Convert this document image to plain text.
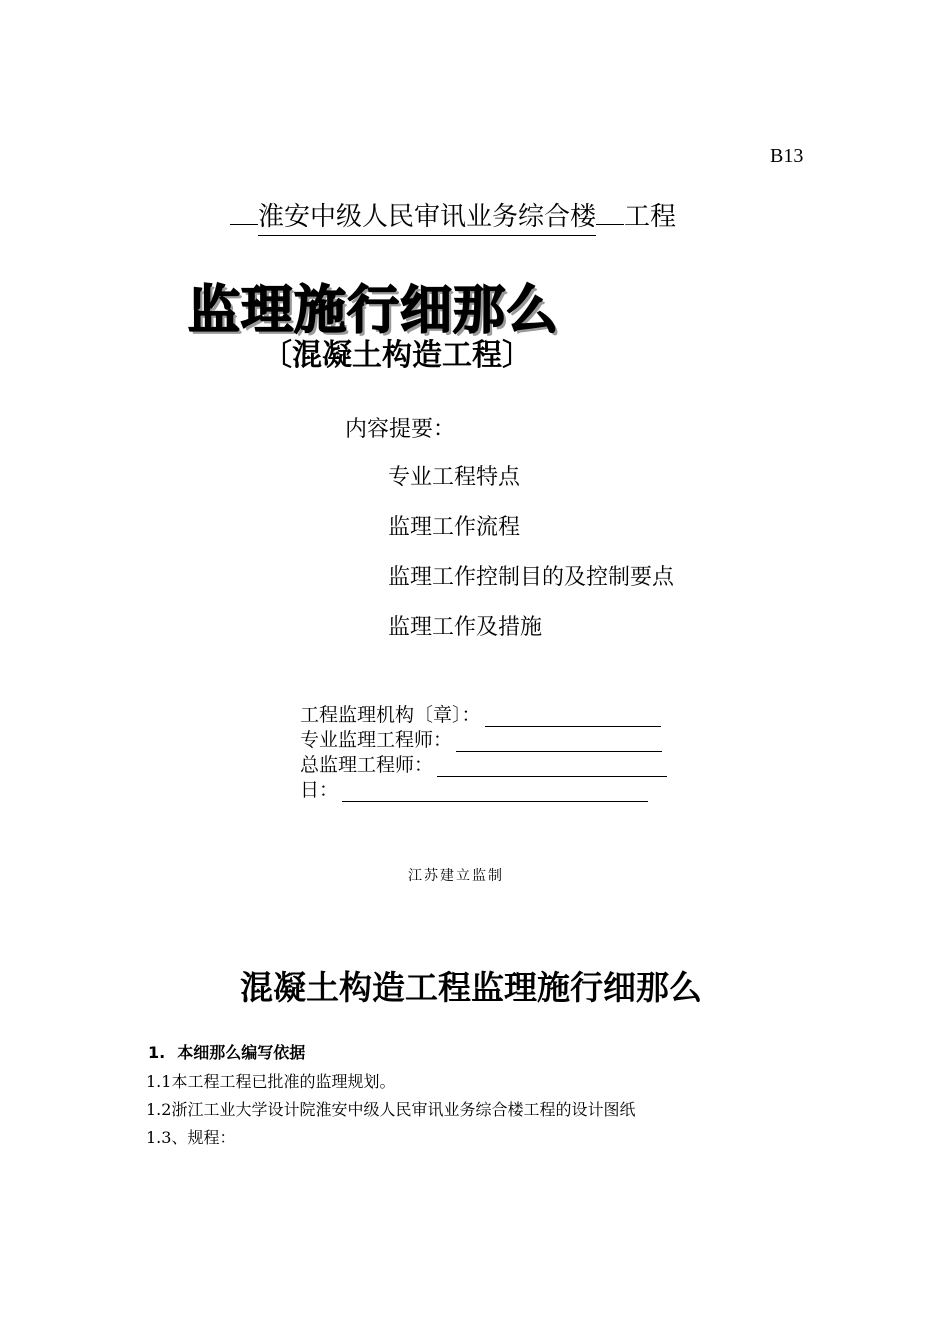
B13
淮安中级人民审讯业务综合楼 工程
监理施行细那么
〔混凝土构造工程〕
内容提要：
专业工程特点
监理工作流程
监理工作控制目的及控制要点
监理工作及措施
工程监理机构〔章〕：
专业监理工程师：
总监理工程师：
日：
江苏建立监制
混凝土构造工程监理施行细那么
1. 本细那么编写依据
1.1本工程工程已批准的监理规划。
1.2浙江工业大学设计院淮安中级人民审讯业务综合楼工程的设计图纸
1.3、规程：
